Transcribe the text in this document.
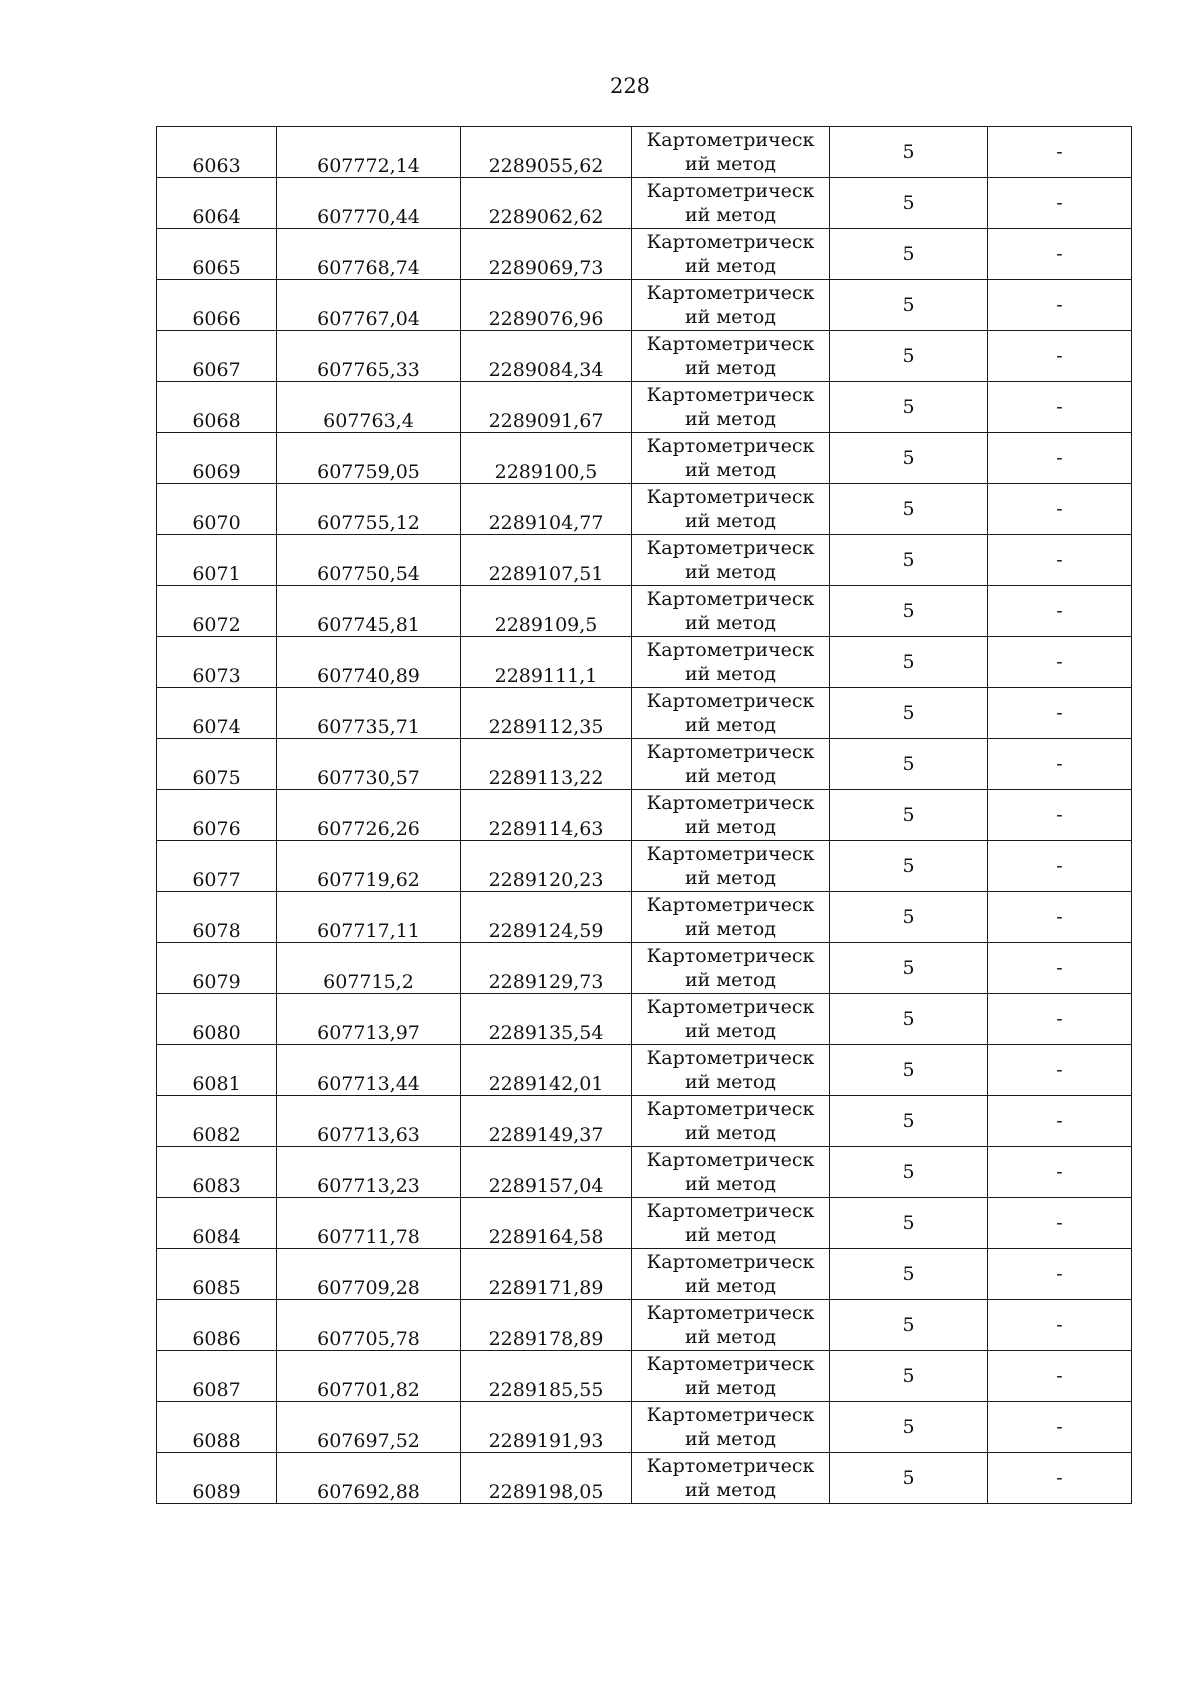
228
6063	607772,14	2289055,62	Картометрический метод	5	-
6064	607770,44	2289062,62	Картометрический метод	5	-
6065	607768,74	2289069,73	Картометрический метод	5	-
6066	607767,04	2289076,96	Картометрический метод	5	-
6067	607765,33	2289084,34	Картометрический метод	5	-
6068	607763,4	2289091,67	Картометрический метод	5	-
6069	607759,05	2289100,5	Картометрический метод	5	-
6070	607755,12	2289104,77	Картометрический метод	5	-
6071	607750,54	2289107,51	Картометрический метод	5	-
6072	607745,81	2289109,5	Картометрический метод	5	-
6073	607740,89	2289111,1	Картометрический метод	5	-
6074	607735,71	2289112,35	Картометрический метод	5	-
6075	607730,57	2289113,22	Картометрический метод	5	-
6076	607726,26	2289114,63	Картометрический метод	5	-
6077	607719,62	2289120,23	Картометрический метод	5	-
6078	607717,11	2289124,59	Картометрический метод	5	-
6079	607715,2	2289129,73	Картометрический метод	5	-
6080	607713,97	2289135,54	Картометрический метод	5	-
6081	607713,44	2289142,01	Картометрический метод	5	-
6082	607713,63	2289149,37	Картометрический метод	5	-
6083	607713,23	2289157,04	Картометрический метод	5	-
6084	607711,78	2289164,58	Картометрический метод	5	-
6085	607709,28	2289171,89	Картометрический метод	5	-
6086	607705,78	2289178,89	Картометрический метод	5	-
6087	607701,82	2289185,55	Картометрический метод	5	-
6088	607697,52	2289191,93	Картометрический метод	5	-
6089	607692,88	2289198,05	Картометрический метод	5	-
